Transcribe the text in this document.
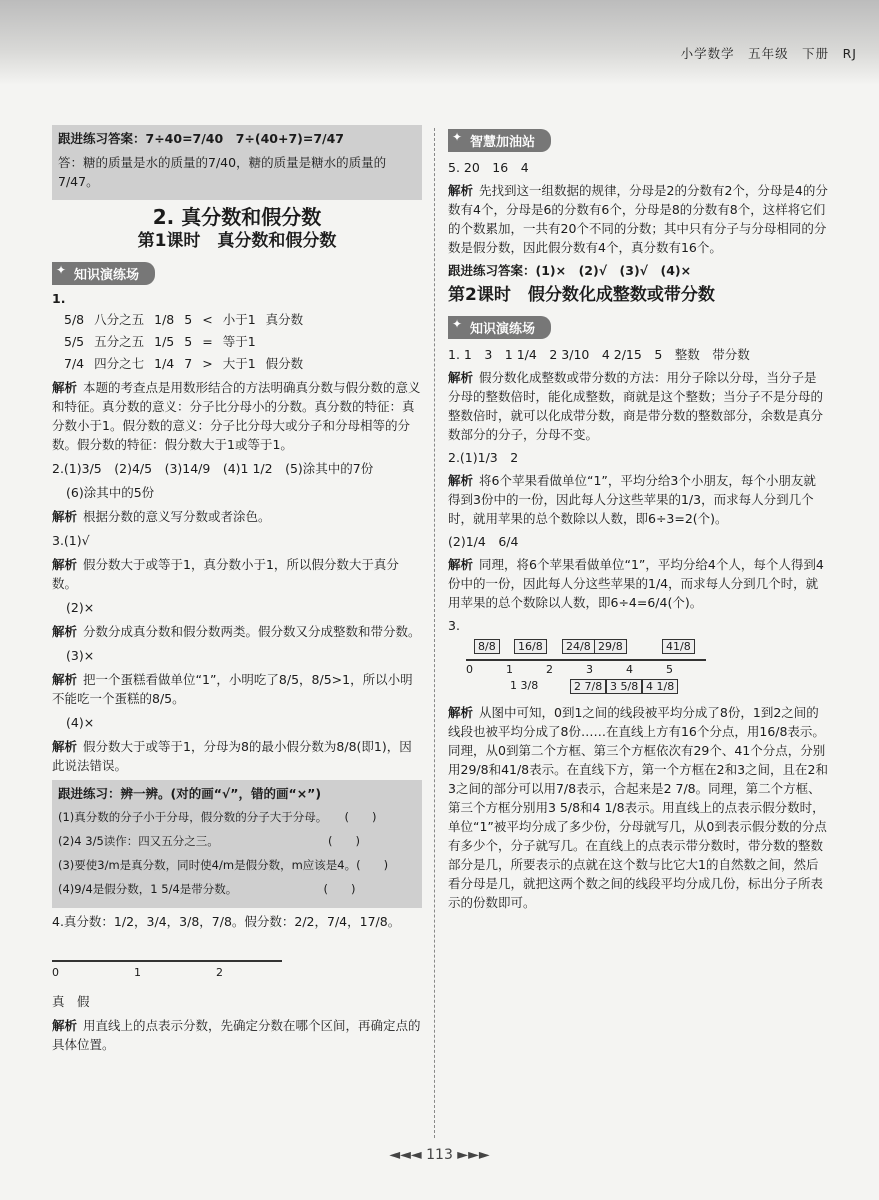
小学数学　五年级　下册　RJ
跟进练习答案：7÷40=7/40　7÷(40+7)=7/47
答：糖的质量是水的质量的7/40，糖的质量是糖水的质量的7/47。
2. 真分数和假分数
第1课时　真分数和假分数
✦ 知识演练场
1.
5/8	八分之五	1/8	5	<	小于1	真分数
5/5	五分之五	1/5	5	=	等于1	
7/4	四分之七	1/4	7	>	大于1	假分数
解析 本题的考查点是用数形结合的方法明确真分数与假分数的意义和特征。真分数的意义：分子比分母小的分数。真分数的特征：真分数小于1。假分数的意义：分子比分母大或分子和分母相等的分数。假分数的特征：假分数大于1或等于1。
2.(1)3/5　(2)4/5　(3)14/9　(4)1 1/2　(5)涂其中的7份
(6)涂其中的5份
解析 根据分数的意义写分数或者涂色。
3.(1)√
解析 假分数大于或等于1，真分数小于1，所以假分数大于真分数。
(2)×
解析 分数分成真分数和假分数两类。假分数又分成整数和带分数。
(3)×
解析 把一个蛋糕看做单位“1”，小明吃了8/5，8/5>1，所以小明不能吃一个蛋糕的8/5。
(4)×
解析 假分数大于或等于1，分母为8的最小假分数为8/8(即1)，因此说法错误。
跟进练习：辨一辨。(对的画“√”，错的画“×”)
(1)真分数的分子小于分母，假分数的分子大于分母。　　(　　)
(2)4 3/5读作：四又五分之三。　　　　　　　　　　(　　)
(3)要使3/m是真分数，同时使4/m是假分数，m应该是4。(　　)
(4)9/4是假分数，1 5/4是带分数。　　　　　　　　(　　)
4.真分数：1/2，3/4，3/8，7/8。假分数：2/2，7/4，17/8。
0	1	2
真　假
解析 用直线上的点表示分数，先确定分数在哪个区间，再确定点的具体位置。
✦ 智慧加油站
5. 20　16　4
解析 先找到这一组数据的规律，分母是2的分数有2个，分母是4的分数有4个，分母是6的分数有6个，分母是8的分数有8个，这样将它们的个数累加，一共有20个不同的分数；其中只有分子与分母相同的分数是假分数，因此假分数有4个，真分数有16个。
跟进练习答案：(1)×　(2)√　(3)√　(4)×
第2课时　假分数化成整数或带分数
✦ 知识演练场
1. 1　3　1 1/4　2 3/10　4 2/15　5　整数　带分数
解析 假分数化成整数或带分数的方法：用分子除以分母，当分子是分母的整数倍时，能化成整数，商就是这个整数；当分子不是分母的整数倍时，就可以化成带分数，商是带分数的整数部分，余数是真分数部分的分子，分母不变。
2.(1)1/3　2
解析 将6个苹果看做单位“1”，平均分给3个小朋友，每个小朋友就得到3份中的一份，因此每人分这些苹果的1/3，而求每人分到几个时，就用苹果的总个数除以人数，即6÷3=2(个)。
(2)1/4　6/4
解析 同理，将6个苹果看做单位“1”，平均分给4个人，每个人得到4份中的一份，因此每人分这些苹果的1/4，而求每人分到几个时，就用苹果的总个数除以人数，即6÷4=6/4(个)。
3.
8/8	16/8	24/8 29/8	41/8
0	1	2	3	4	5
1 3/8	2 7/8 3 5/8 4 1/8
解析 从图中可知，0到1之间的线段被平均分成了8份，1到2之间的线段也被平均分成了8份……在直线上方有16个分点，用16/8表示。同理，从0到第二个方框、第三个方框依次有29个、41个分点，分别用29/8和41/8表示。在直线下方，第一个方框在2和3之间，且在2和3之间的部分可以用7/8表示，合起来是2 7/8。同理，第二个方框、第三个方框分别用3 5/8和4 1/8表示。用直线上的点表示假分数时，单位“1”被平均分成了多少份，分母就写几，从0到表示假分数的分点有多少个，分子就写几。在直线上的点表示带分数时，带分数的整数部分是几，所要表示的点就在这个数与比它大1的自然数之间，然后看分母是几，就把这两个数之间的线段平均分成几份，标出分子所表示的份数即可。
◄◄◄ 113 ►►►
